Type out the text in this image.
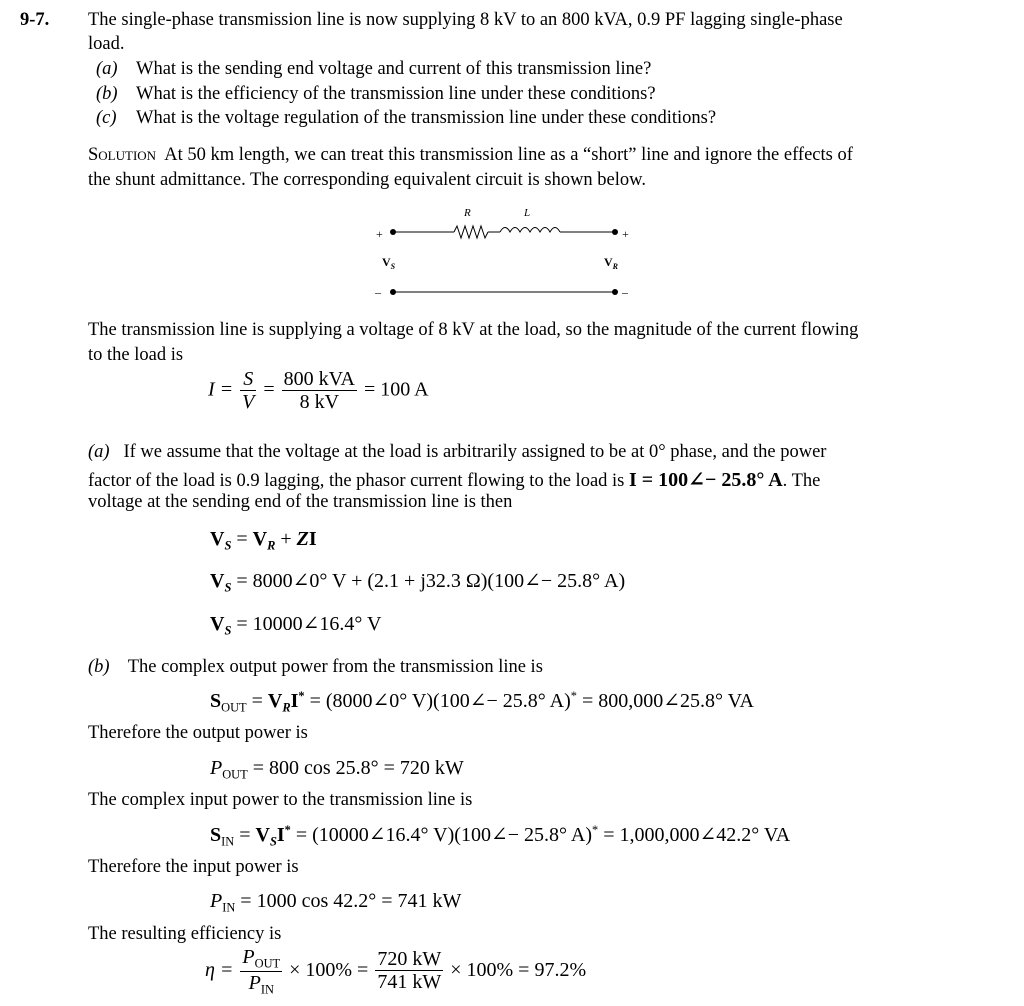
9-7. The single-phase transmission line is now supplying 8 kV to an 800 kVA, 0.9 PF lagging single-phase
load.
(a) What is the sending end voltage and current of this transmission line?
(b) What is the efficiency of the transmission line under these conditions?
(c) What is the voltage regulation of the transmission line under these conditions?
Solution At 50 km length, we can treat this transmission line as a “short” line and ignore the effects of
the shunt admittance. The corresponding equivalent circuit is shown below.
+	+
–	–
R	L
$V_S$	$V_R$
The transmission line is supplying a voltage of 8 kV at the load, so the magnitude of the current flowing
to the load is
$I = \frac{S}{V} = \frac{\text{800 kVA}}{8 kV} = 100$ A
(a) If we assume that the voltage at the load is arbitrarily assigned to be at 0° phase, and the power
factor of the load is 0.9 lagging, the phasor current flowing to the load is I = 100∠− 25.8° A. The
voltage at the sending end of the transmission line is then
$V_S = V_R$ + ZI
$V_S$ = 8000∠0° V + (2.1 + j32.3 Ω)(100∠− 25.8° A)
$V_S$ = 10000∠16.4° V
(b) The complex output power from the transmission line is
$S_{OUT} = V_RI^*$ = (8000∠0° V)(100∠− 25.8° A)* = 800,000∠25.8° VA
Therefore the output power is
$P_{OUT} = 800$ cos 25.8° = 720 kW
The complex input power to the transmission line is
$S_{IN} = V_SI^*$ = (10000∠16.4° V)(100∠− 25.8° A)* = 1,000,000∠42.2° VA
Therefore the input power is
$P_{IN} = 1000$ cos 42.2° = 741 kW
The resulting efficiency is
$\eta = \frac{P_{OUT}}{P_{IN}} \times 100\% = \frac{720 kW}{741 kW} \times 100\% = 97.2\%$
